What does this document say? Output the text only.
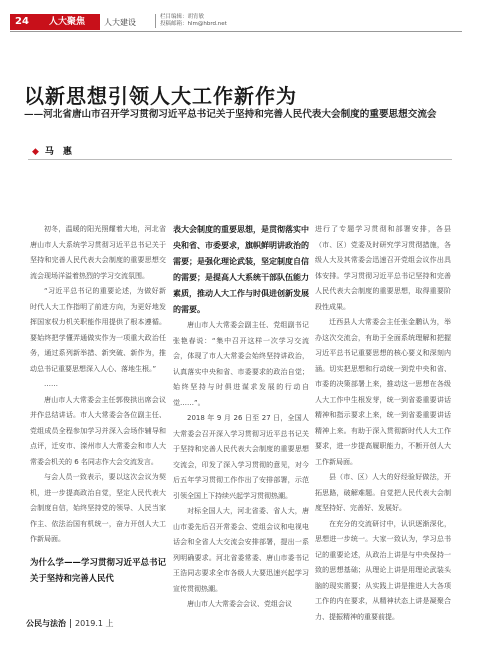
24	人大聚焦	人大建设
栏目编辑：胡宵敏
投稿邮箱：hlm@hbrd.net
以新思想引领人大工作新作为
——河北省唐山市召开学习贯彻习近平总书记关于坚持和完善人民代表大会制度的重要思想交流会
◆ 马　惠

初冬，温暖的阳光照耀着大地，河北省唐山市人大系统学习贯彻习近平总书记关于坚持和完善人民代表大会制度的重要思想交流会现场洋溢着热烈的学习交流氛围。

“习近平总书记的重要论述，为做好新时代人大工作指明了前进方向，为更好地发挥国家权力机关职能作用提供了根本遵循。要始终把学懂弄通做实作为一项重大政治任务，通过系列新举措、新突破、新作为，推动总书记重要思想深入人心、落地生根。”

……

唐山市人大常委会主任郭俊拱出席会议并作总结讲话。市人大常委会各位副主任、党组成员全程参加学习并深入会场作辅导和点评，迁安市、滦州市人大常委会和市人大常委会机关的 6 名同志作大会交流发言。

与会人员一致表示，要以这次会议为契机，进一步提高政治自觉，坚定人民代表大会制度自信，始终坚持党的领导、人民当家作主、依法治国有机统一，奋力开创人大工作新局面。

为什么学——学习贯彻习近平总书记关于坚持和完善人民代

表大会制度的重要思想，是贯彻落实中央和省、市委要求，旗帜鲜明讲政治的需要；是强化理论武装，坚定制度自信的需要；是提高人大系统干部队伍能力素质，推动人大工作与时俱进创新发展的需要。

唐山市人大常委会副主任、党组副书记张艳春说：“集中召开这样一次学习交流会，体现了市人大常委会始终坚持讲政治，认真落实中央和省、市委要求的政治自觉；始终坚持与时俱进谋求发展的行动自觉……”。

2018 年 9 月 26 日至 27 日，全国人大常委会召开深入学习贯彻习近平总书记关于坚持和完善人民代表大会制度的重要思想交流会，印发了深入学习贯彻的意见，对今后五年学习贯彻工作作出了安排部署，示范引领全国上下持续兴起学习贯彻热潮。

对标全国人大，河北省委、省人大，唐山市委先后召开常委会、党组会议和电视电话会和全省人大交流会安排部署，提出一系列明确要求。河北省委常委、唐山市委书记王浩同志要求全市各级人大要迅速兴起学习宣传贯彻热潮。

唐山市人大常委会会议、党组会议

进行了专题学习贯彻和部署安排，各县（市、区）党委及时研究学习贯彻措施，各级人大及其常委会迅速召开党组会议作出具体安排。学习贯彻习近平总书记坚持和完善人民代表大会制度的重要思想，取得重要阶段性成果。

迁西县人大常委会主任张金鹏认为，举办这次交流会，有助于全面系统理解和把握习近平总书记重要思想的核心要义和深刻内涵。切实把思想和行动统一到党中央和省、市委的决策部署上来，推动这一思想在各级人大工作中生根发芽，统一到省委重要讲话精神和指示要求上来，统一到省委重要讲话精神上来。有助于深入贯彻新时代人大工作要求，进一步提高履职能力，不断开创人大工作新局面。

县（市、区）人大的好经验好做法，开拓思路，破解难题。自觉把人民代表大会制度坚持好、完善好、发展好。

在充分的交流研讨中，认识逐渐深化，思想进一步统一。大家一致认为，学习总书记的重要论述，从政治上讲是与中央保持一致的思想基础；从理论上讲是用理论武装头脑的现实需要；从实践上讲是推进人大各项工作的内在要求，从精神状态上讲是凝聚合力、提振精神的重要前提。

公民与法治 2019.1 上
